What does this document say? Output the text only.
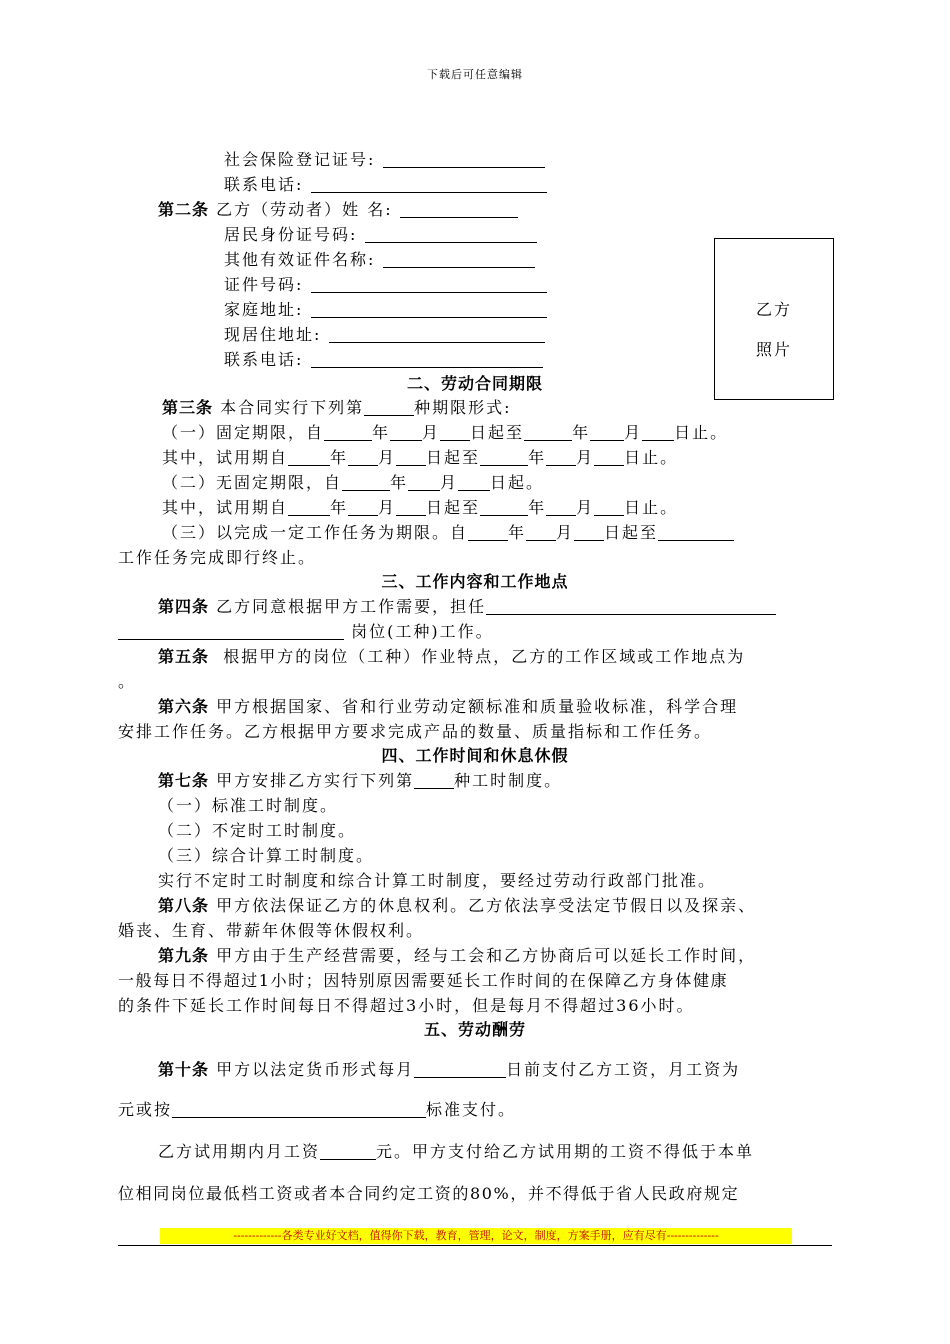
下载后可任意编辑
社会保险登记证号:
联系电话:
第二条 乙方（劳动者）姓 名:
居民身份证号码:
其他有效证件名称:
证件号码:
家庭地址:
现居住地址:
联系电话:
乙方
照片
二、劳动合同期限
第三条 本合同实行下列第	种期限形式:
（一）固定期限，自	年 月 日起至	年 月 日止。
其中，试用期自	年 月 日起至	年 月 日止。
（二）无固定期限，自	年 月 日起。
其中，试用期自	年 月 日起至	年 月 日止。
（三）以完成一定工作任务为期限。自	年 月 日起至
工作任务完成即行终止。
三、工作内容和工作地点
第四条 乙方同意根据甲方工作需要，担任
岗位(工种)工作。
第五条 根据甲方的岗位（工种）作业特点，乙方的工作区域或工作地点为
。
第六条 甲方根据国家、省和行业劳动定额标准和质量验收标准，科学合理
安排工作任务。乙方根据甲方要求完成产品的数量、质量指标和工作任务。
四、工作时间和休息休假
第七条 甲方安排乙方实行下列第	种工时制度。
（一）标准工时制度。
（二）不定时工时制度。
（三）综合计算工时制度。
实行不定时工时制度和综合计算工时制度，要经过劳动行政部门批准。
第八条 甲方依法保证乙方的休息权利。乙方依法享受法定节假日以及探亲、
婚丧、生育、带薪年休假等休假权利。
第九条 甲方由于生产经营需要，经与工会和乙方协商后可以延长工作时间，
一般每日不得超过1小时；因特别原因需要延长工作时间的在保障乙方身体健康
的条件下延长工作时间每日不得超过3小时，但是每月不得超过36小时。
五、劳动酬劳
第十条 甲方以法定货币形式每月	日前支付乙方工资，月工资为
元或按	标准支付。
乙方试用期内月工资	元。甲方支付给乙方试用期的工资不得低于本单
位相同岗位最低档工资或者本合同约定工资的80%，并不得低于省人民政府规定
-------------各类专业好文档，值得你下载，教育，管理，论文，制度，方案手册，应有尽有--------------
